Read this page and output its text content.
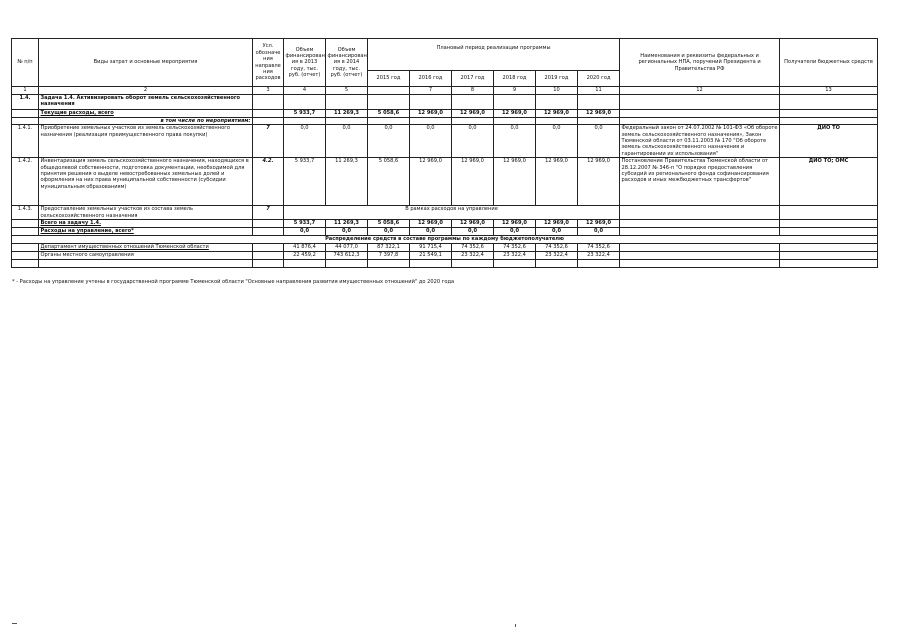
№ п/п	Виды затрат и основные мероприятия	Усл. обозначе ния направле ния расходов	Объем финансирован ия в 2013 году, тыс. руб. (отчет)	Объем финансирован ия в 2014 году, тыс. руб. (отчет)	Плановый период реализации программы						Наименования и реквизиты федеральных и региональных НПА, поручений Президента и Правительства РФ	Получатели бюджетных средств
					2015 год	2016 год	2017 год	2018 год	2019 год	2020 год		

1	2	3	4	5		7	8	9	10	11	12	13
1.4.	Задача 1.4. Активизировать оборот земель сельскохозяйственного назначения											
	Текущие расходы, всего		5 933,7	11 269,3	5 058,6	12 969,0	12 969,0	12 969,0	12 969,0	12 969,0		
	в том числе по мероприятиям:											
1.4.1.	Приобретение земельных участков из земель сельскохозяйственного назначения (реализация преимущественного права покупки)	7	0,0	0,0	0,0	0,0	0,0	0,0	0,0	0,0	Федеральный закон от 24.07.2002 № 101-ФЗ «Об обороте земель сельскохозяйственного назначения», Закон Тюменской области от 03.11.2003 № 170 "Об обороте земель сельскохозяйственного назначения и гарантировании их использования"	ДИО ТО
1.4.2.	Инвентаризация земель сельскохозяйственного назначения, находящихся в общедолевой собственности, подготовка документации, необходимой для принятия решения о выделе невостребованных земельных долей и оформления на них права муниципальной собственности (субсидии муниципальным образованиям)	4.2.	5 933,7	11 269,3	5 058,6	12 969,0	12 969,0	12 969,0	12 969,0	12 969,0	Постановление Правительства Тюменской области от 28.12.2007 № 346-п "О порядке предоставления субсидий из регионального фонда софинансирования расходов и иных межбюджетных трансфертов"	ДИО ТО; ОМС
1.4.3.	Предоставление земельных участков из состава земель сельскохозяйственного назначения	7	В рамках расходов на управление									
	Всего на задачу 1.4.		5 933,7	11 269,3	5 058,6	12 969,0	12 969,0	12 969,0	12 969,0	12 969,0		
	Расходы на управление, всего*		0,0	0,0	0,0	0,0	0,0	0,0	0,0	0,0		
Распределение средств в составе программы по каждому бюджетополучателю												
	Департамент имущественных отношений Тюменской области		41 876,4	44 077,0	87 322,1	91 715,4	74 352,6	74 352,6	74 352,6	74 352,6		
	Органы местного самоуправления		22 459,2	743 612,3	7 397,8	21 549,1	23 322,4	23 322,4	23 322,4	23 322,4		

* - Расходы на управление учтены в государственной программе Тюменской области "Основные направления развития имущественных отношений" до 2020 года
